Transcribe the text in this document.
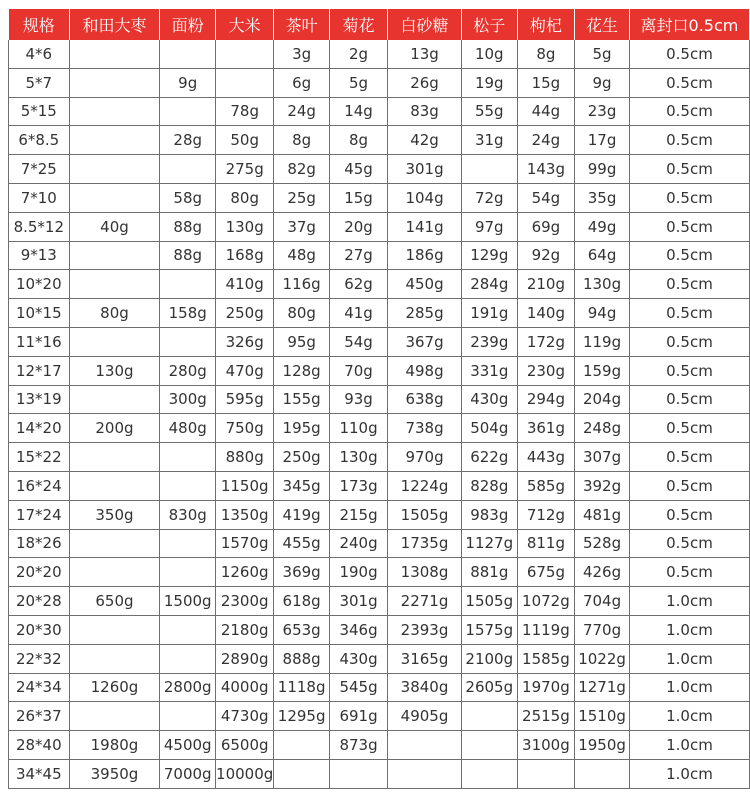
规格	和田大枣	面粉	大米	茶叶	菊花	白砂糖	松子	枸杞	花生	离封口0.5cm
4*6				3g	2g	13g	10g	8g	5g	0.5cm
5*7		9g		6g	5g	26g	19g	15g	9g	0.5cm
5*15			78g	24g	14g	83g	55g	44g	23g	0.5cm
6*8.5		28g	50g	8g	8g	42g	31g	24g	17g	0.5cm
7*25			275g	82g	45g	301g		143g	99g	0.5cm
7*10		58g	80g	25g	15g	104g	72g	54g	35g	0.5cm
8.5*12	40g	88g	130g	37g	20g	141g	97g	69g	49g	0.5cm
9*13		88g	168g	48g	27g	186g	129g	92g	64g	0.5cm
10*20			410g	116g	62g	450g	284g	210g	130g	0.5cm
10*15	80g	158g	250g	80g	41g	285g	191g	140g	94g	0.5cm
11*16			326g	95g	54g	367g	239g	172g	119g	0.5cm
12*17	130g	280g	470g	128g	70g	498g	331g	230g	159g	0.5cm
13*19		300g	595g	155g	93g	638g	430g	294g	204g	0.5cm
14*20	200g	480g	750g	195g	110g	738g	504g	361g	248g	0.5cm
15*22			880g	250g	130g	970g	622g	443g	307g	0.5cm
16*24			1150g	345g	173g	1224g	828g	585g	392g	0.5cm
17*24	350g	830g	1350g	419g	215g	1505g	983g	712g	481g	0.5cm
18*26			1570g	455g	240g	1735g	1127g	811g	528g	0.5cm
20*20			1260g	369g	190g	1308g	881g	675g	426g	0.5cm
20*28	650g	1500g	2300g	618g	301g	2271g	1505g	1072g	704g	1.0cm
20*30			2180g	653g	346g	2393g	1575g	1119g	770g	1.0cm
22*32			2890g	888g	430g	3165g	2100g	1585g	1022g	1.0cm
24*34	1260g	2800g	4000g	1118g	545g	3840g	2605g	1970g	1271g	1.0cm
26*37			4730g	1295g	691g	4905g		2515g	1510g	1.0cm
28*40	1980g	4500g	6500g		873g			3100g	1950g	1.0cm
34*45	3950g	7000g	10000g							1.0cm
